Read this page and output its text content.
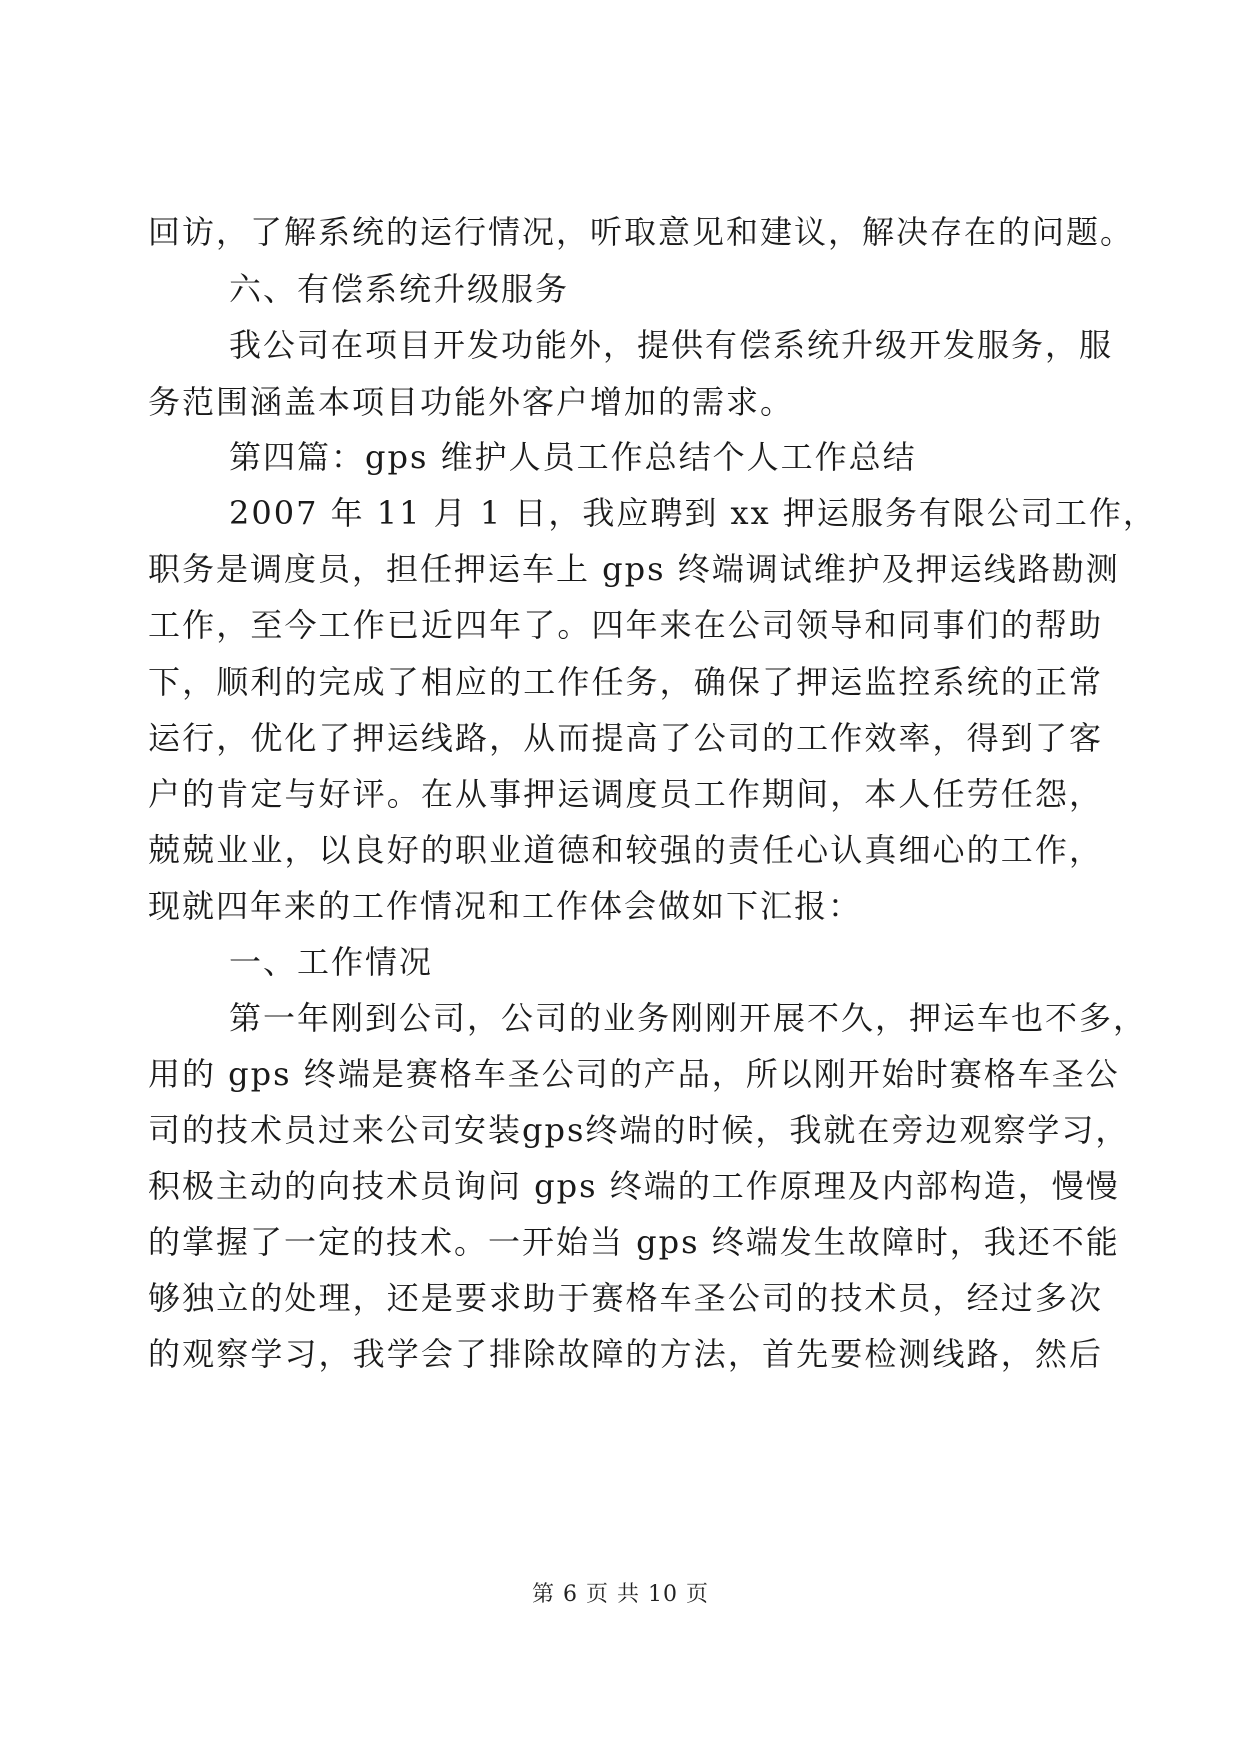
回访，了解系统的运行情况，听取意见和建议，解决存在的问题。
六、有偿系统升级服务
我公司在项目开发功能外，提供有偿系统升级开发服务，服
务范围涵盖本项目功能外客户增加的需求。
第四篇：gps 维护人员工作总结个人工作总结
2007 年 11 月 1 日，我应聘到 xx 押运服务有限公司工作，
职务是调度员，担任押运车上 gps 终端调试维护及押运线路勘测
工作，至今工作已近四年了。四年来在公司领导和同事们的帮助
下，顺利的完成了相应的工作任务，确保了押运监控系统的正常
运行，优化了押运线路，从而提高了公司的工作效率，得到了客
户的肯定与好评。在从事押运调度员工作期间，本人任劳任怨，
兢兢业业，以良好的职业道德和较强的责任心认真细心的工作，
现就四年来的工作情况和工作体会做如下汇报：
一、工作情况
第一年刚到公司，公司的业务刚刚开展不久，押运车也不多，
用的 gps 终端是赛格车圣公司的产品，所以刚开始时赛格车圣公
司的技术员过来公司安装gps终端的时候，我就在旁边观察学习，
积极主动的向技术员询问 gps 终端的工作原理及内部构造，慢慢
的掌握了一定的技术。一开始当 gps 终端发生故障时，我还不能
够独立的处理，还是要求助于赛格车圣公司的技术员，经过多次
的观察学习，我学会了排除故障的方法，首先要检测线路，然后
第 6 页 共 10 页
